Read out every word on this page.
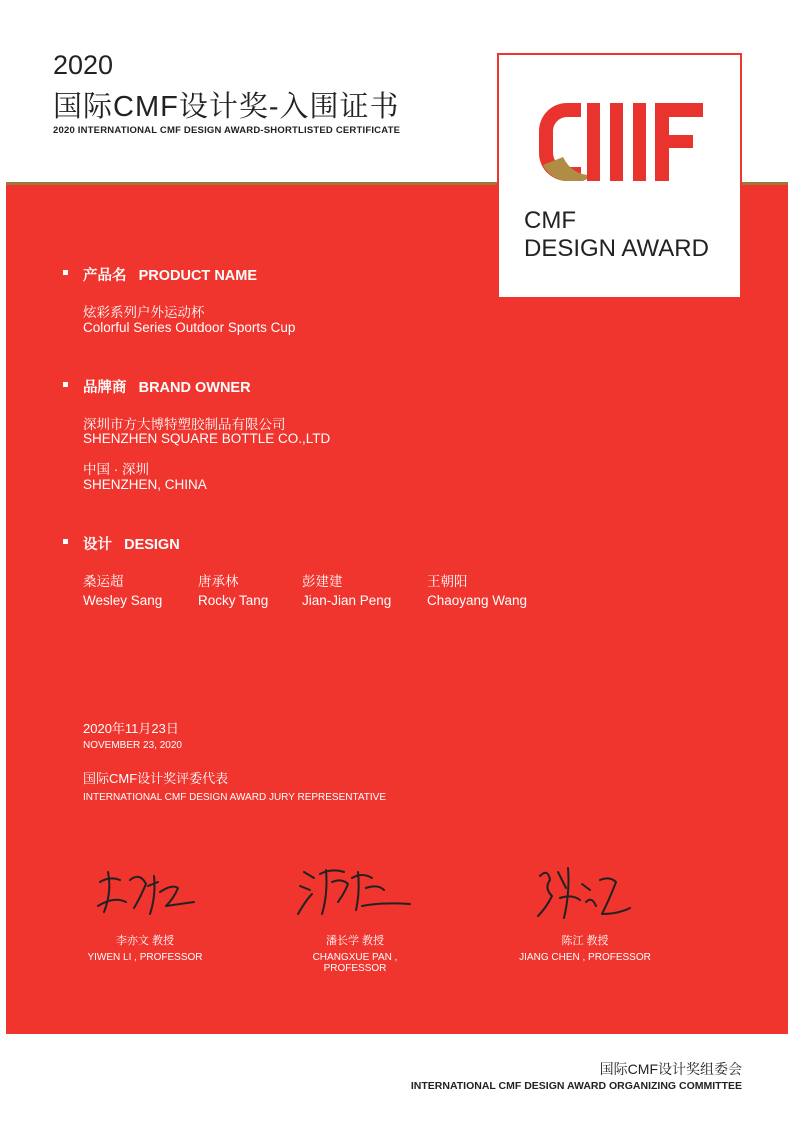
2020
国际CMF设计奖-入围证书
2020 INTERNATIONAL CMF DESIGN AWARD-SHORTLISTED CERTIFICATE
CMF
DESIGN AWARD
产品名 PRODUCT NAME
炫彩系列户外运动杯
Colorful Series Outdoor Sports Cup
品牌商 BRAND OWNER
深圳市方大博特塑胶制品有限公司
SHENZHEN SQUARE BOTTLE CO.,LTD
中国 · 深圳
SHENZHEN, CHINA
设计 DESIGN
桑运超
Wesley Sang
唐承林
Rocky Tang
彭建建
Jian-Jian Peng
王朝阳
Chaoyang Wang
2020年11月23日
NOVEMBER 23, 2020
国际CMF设计奖评委代表
INTERNATIONAL CMF DESIGN AWARD JURY REPRESENTATIVE
李亦文 教授
YIWEN LI , PROFESSOR
潘长学 教授
CHANGXUE PAN , PROFESSOR
陈江 教授
JIANG CHEN , PROFESSOR
国际CMF设计奖组委会
INTERNATIONAL CMF DESIGN AWARD ORGANIZING COMMITTEE
